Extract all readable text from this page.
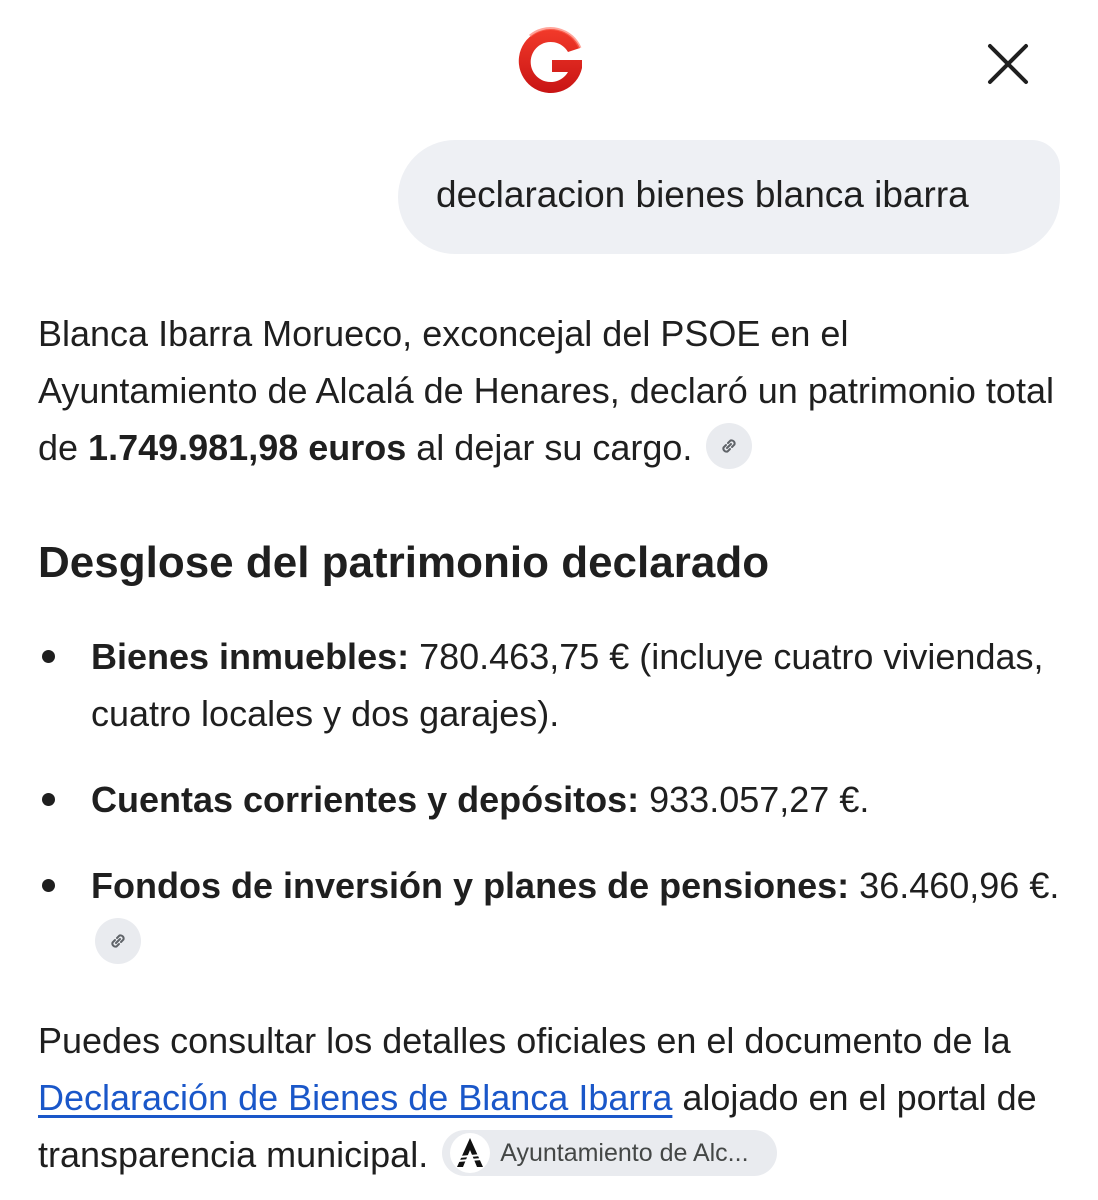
declaracion bienes blanca ibarra
Blanca Ibarra Morueco, exconcejal del PSOE en el Ayuntamiento de Alcalá de Henares, declaró un patrimonio total de 1.749.981,98 euros al dejar su cargo.
Desglose del patrimonio declarado
Bienes inmuebles: 780.463,75 € (incluye cuatro viviendas, cuatro locales y dos garajes).
Cuentas corrientes y depósitos: 933.057,27 €.
Fondos de inversión y planes de pensiones: 36.460,96 €.
Puedes consultar los detalles oficiales en el documento de la Declaración de Bienes de Blanca Ibarra alojado en el portal de transparencia municipal.	Ayuntamiento de Alc...
